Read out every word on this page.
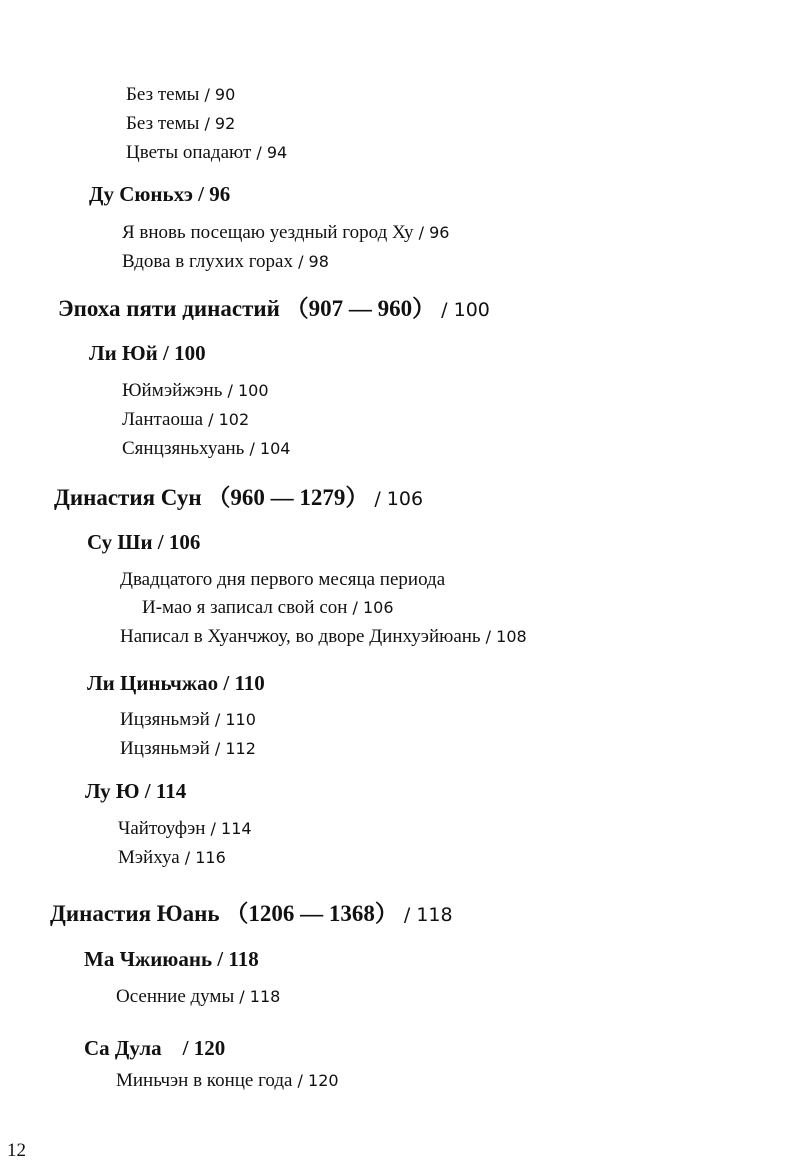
Без темы / 90
Без темы / 92
Цветы опадают / 94
Ду Сюньхэ / 96
Я вновь посещаю уездный город Ху / 96
Вдова в глухих горах / 98
Эпоха пяти династий （907 — 960） / 100
Ли Юй / 100
Юймэйжэнь / 100
Лантаоша / 102
Сянцзяньхуань / 104
Династия Сун （960 — 1279） / 106
Су Ши / 106
Двадцатого дня первого месяца периода
И-мао я записал свой сон / 106
Написал в Хуанчжоу, во дворе Динхуэйюань / 108
Ли Циньчжао / 110
Ицзяньмэй / 110
Ицзяньмэй / 112
Лу Ю / 114
Чайтоуфэн / 114
Мэйхуа / 116
Династия Юань （1206 — 1368） / 118
Ма Чжиюань / 118
Осенние думы / 118
Са Дула　/ 120
Миньчэн в конце года / 120
12
